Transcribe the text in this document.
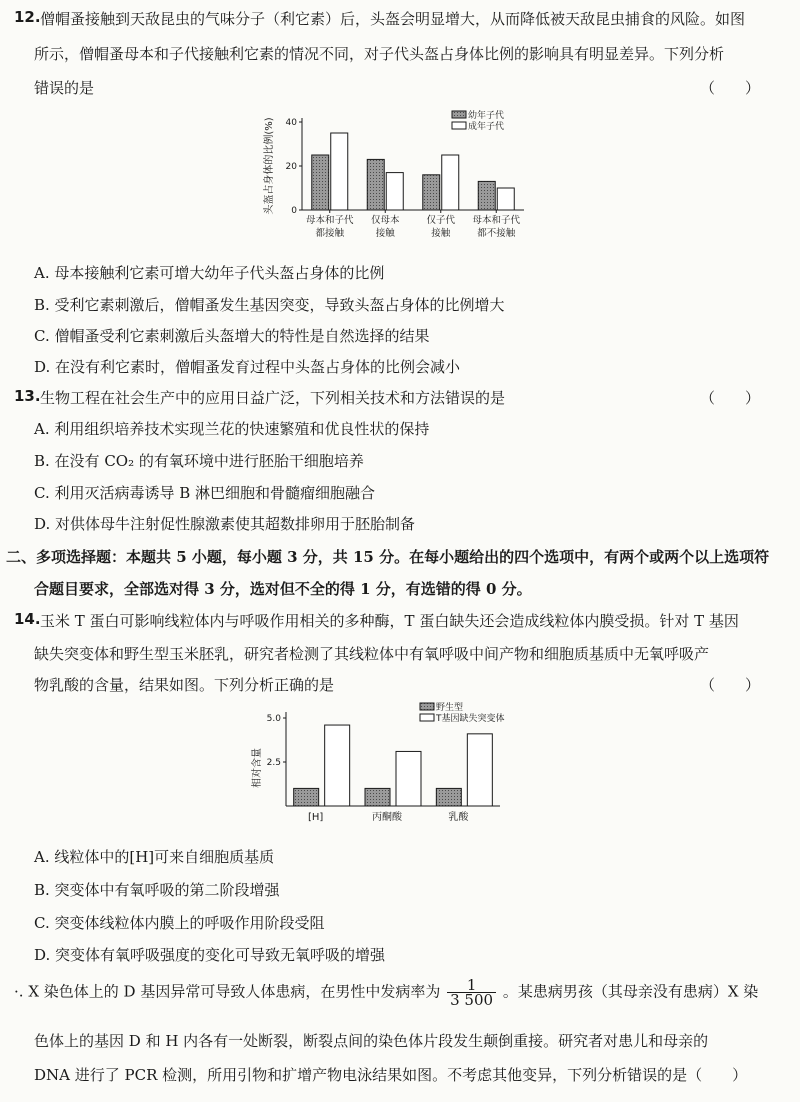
12. 僧帽蚤接触到天敌昆虫的气味分子（利它素）后，头盔会明显增大，从而降低被天敌昆虫捕食的风险。如图
所示，僧帽蚤母本和子代接触利它素的情况不同，对子代头盔占身体比例的影响具有明显差异。下列分析
错误的是	（　　）
头盔占身体的比例(%) 0
20
40
母本和子代
都接触
仅母本
接触
仅子代
接触
母本和子代
都不接触
幼年子代
成年子代
A. 母本接触利它素可增大幼年子代头盔占身体的比例
B. 受利它素刺激后，僧帽蚤发生基因突变，导致头盔占身体的比例增大
C. 僧帽蚤受利它素刺激后头盔增大的特性是自然选择的结果
D. 在没有利它素时，僧帽蚤发育过程中头盔占身体的比例会减小
13. 生物工程在社会生产中的应用日益广泛，下列相关技术和方法错误的是	（　　）
A. 利用组织培养技术实现兰花的快速繁殖和优良性状的保持
B. 在没有 CO₂ 的有氧环境中进行胚胎干细胞培养
C. 利用灭活病毒诱导 B 淋巴细胞和骨髓瘤细胞融合
D. 对供体母牛注射促性腺激素使其超数排卵用于胚胎制备
二、多项选择题：本题共 5 小题，每小题 3 分，共 15 分。在每小题给出的四个选项中，有两个或两个以上选项符
合题目要求，全部选对得 3 分，选对但不全的得 1 分，有选错的得 0 分。
14. 玉米 T 蛋白可影响线粒体内与呼吸作用相关的多种酶，T 蛋白缺失还会造成线粒体内膜受损。针对 T 基因
缺失突变体和野生型玉米胚乳，研究者检测了其线粒体中有氧呼吸中间产物和细胞质基质中无氧呼吸产
物乳酸的含量，结果如图。下列分析正确的是	（　　）
相对含量
5.0
2.5
[H]	丙酮酸	乳酸
野生型
T基因缺失突变体
A. 线粒体中的[H]可来自细胞质基质
B. 突变体中有氧呼吸的第二阶段增强
C. 突变体线粒体内膜上的呼吸作用阶段受阻
D. 突变体有氧呼吸强度的变化可导致无氧呼吸的增强
·. X 染色体上的 D 基因异常可导致人体患病，在男性中发病率为 $\frac{1}{3 500}$ 。某患病男孩（其母亲没有患病）X 染
色体上的基因 D 和 H 内各有一处断裂，断裂点间的染色体片段发生颠倒重接。研究者对患儿和母亲的
DNA 进行了 PCR 检测，所用引物和扩增产物电泳结果如图。不考虑其他变异，下列分析错误的是（　　）
